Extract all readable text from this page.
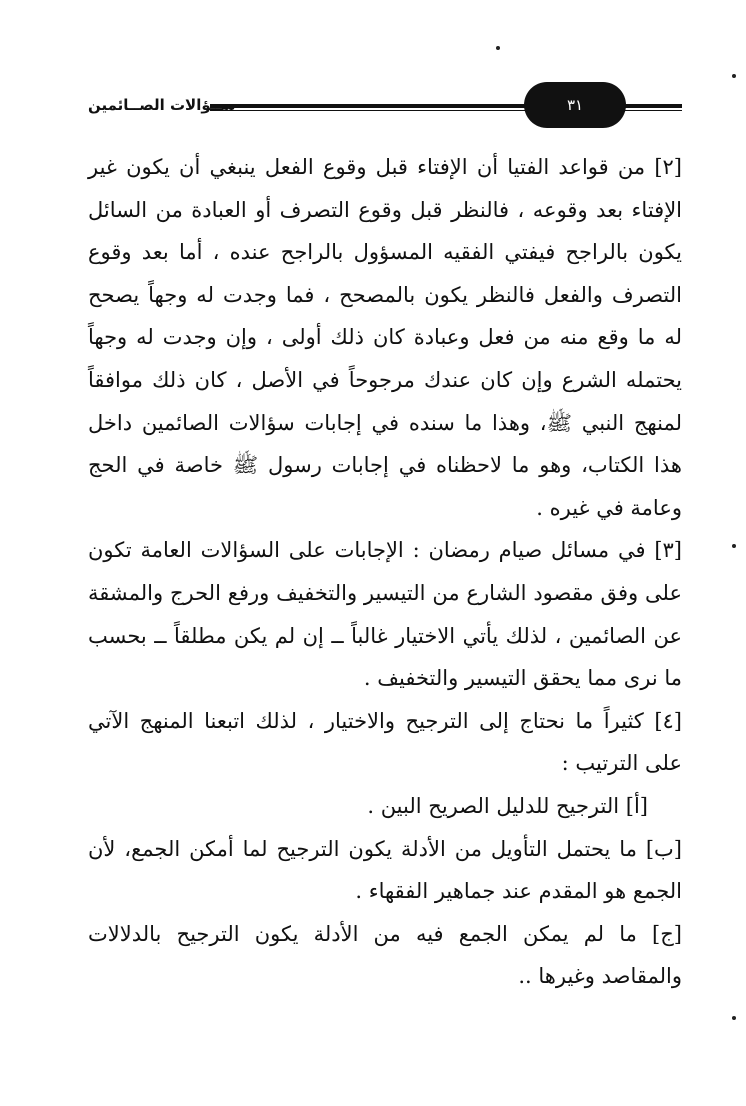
ســؤالات الصــائمين	٣١

[٢] من قواعد الفتيا أن الإفتاء قبل وقوع الفعل ينبغي أن يكون غير الإفتاء بعد وقوعه ، فالنظر قبل وقوع التصرف أو العبادة من السائل يكون بالراجح فيفتي الفقيه المسؤول بالراجح عنده ، أما بعد وقوع التصرف والفعل فالنظر يكون بالمصحح ، فما وجدت له وجهاً يصحح له ما وقع منه من فعل وعبادة كان ذلك أولى ، وإن وجدت له وجهاً يحتمله الشرع وإن كان عندك مرجوحاً في الأصل ، كان ذلك موافقاً لمنهج النبي ﷺ، وهذا ما سنده في إجابات سؤالات الصائمين داخل هذا الكتاب، وهو ما لاحظناه في إجابات رسول ﷺ خاصة في الحج وعامة في غيره .

[٣] في مسائل صيام رمضان : الإجابات على السؤالات العامة تكون على وفق مقصود الشارع من التيسير والتخفيف ورفع الحرج والمشقة عن الصائمين ، لذلك يأتي الاختيار غالباً ــ إن لم يكن مطلقاً ــ بحسب ما نرى مما يحقق التيسير والتخفيف .

[٤] كثيراً ما نحتاج إلى الترجيح والاختيار ، لذلك اتبعنا المنهج الآتي على الترتيب :

[أ] الترجيح للدليل الصريح البين .

[ب] ما يحتمل التأويل من الأدلة يكون الترجيح لما أمكن الجمع، لأن الجمع هو المقدم عند جماهير الفقهاء .

[ج] ما لم يمكن الجمع فيه من الأدلة يكون الترجيح بالدلالات والمقاصد وغيرها ..
